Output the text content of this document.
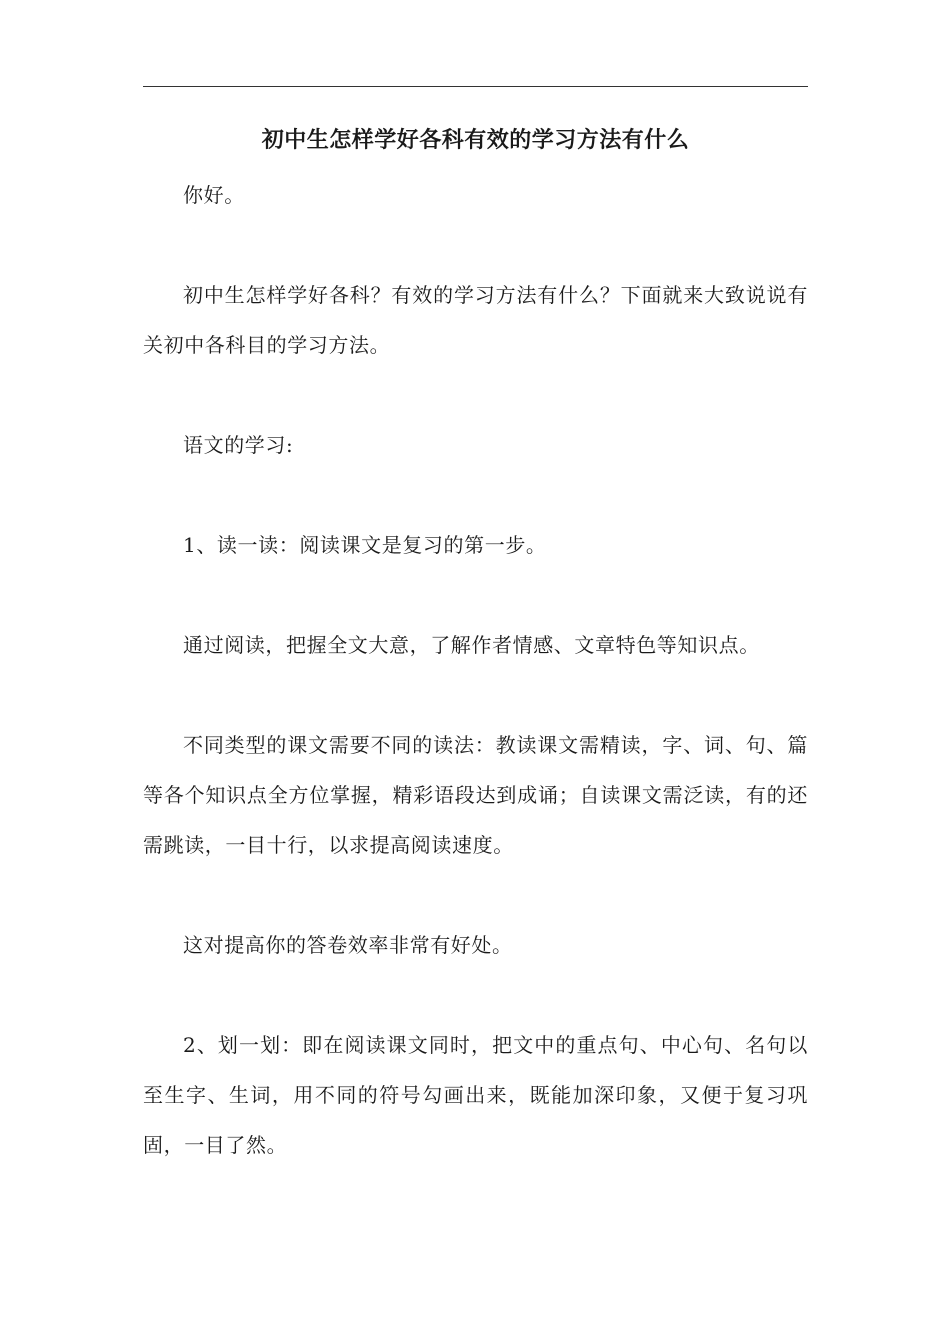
初中生怎样学好各科有效的学习方法有什么

你好。

初中生怎样学好各科？有效的学习方法有什么？下面就来大致说说有关初中各科目的学习方法。

语文的学习:

1、读一读：阅读课文是复习的第一步。

通过阅读，把握全文大意，了解作者情感、文章特色等知识点。

不同类型的课文需要不同的读法：教读课文需精读，字、词、句、篇等各个知识点全方位掌握，精彩语段达到成诵；自读课文需泛读，有的还需跳读，一目十行，以求提高阅读速度。

这对提高你的答卷效率非常有好处。

2、划一划：即在阅读课文同时，把文中的重点句、中心句、名句以至生字、生词，用不同的符号勾画出来，既能加深印象，又便于复习巩固，一目了然。
